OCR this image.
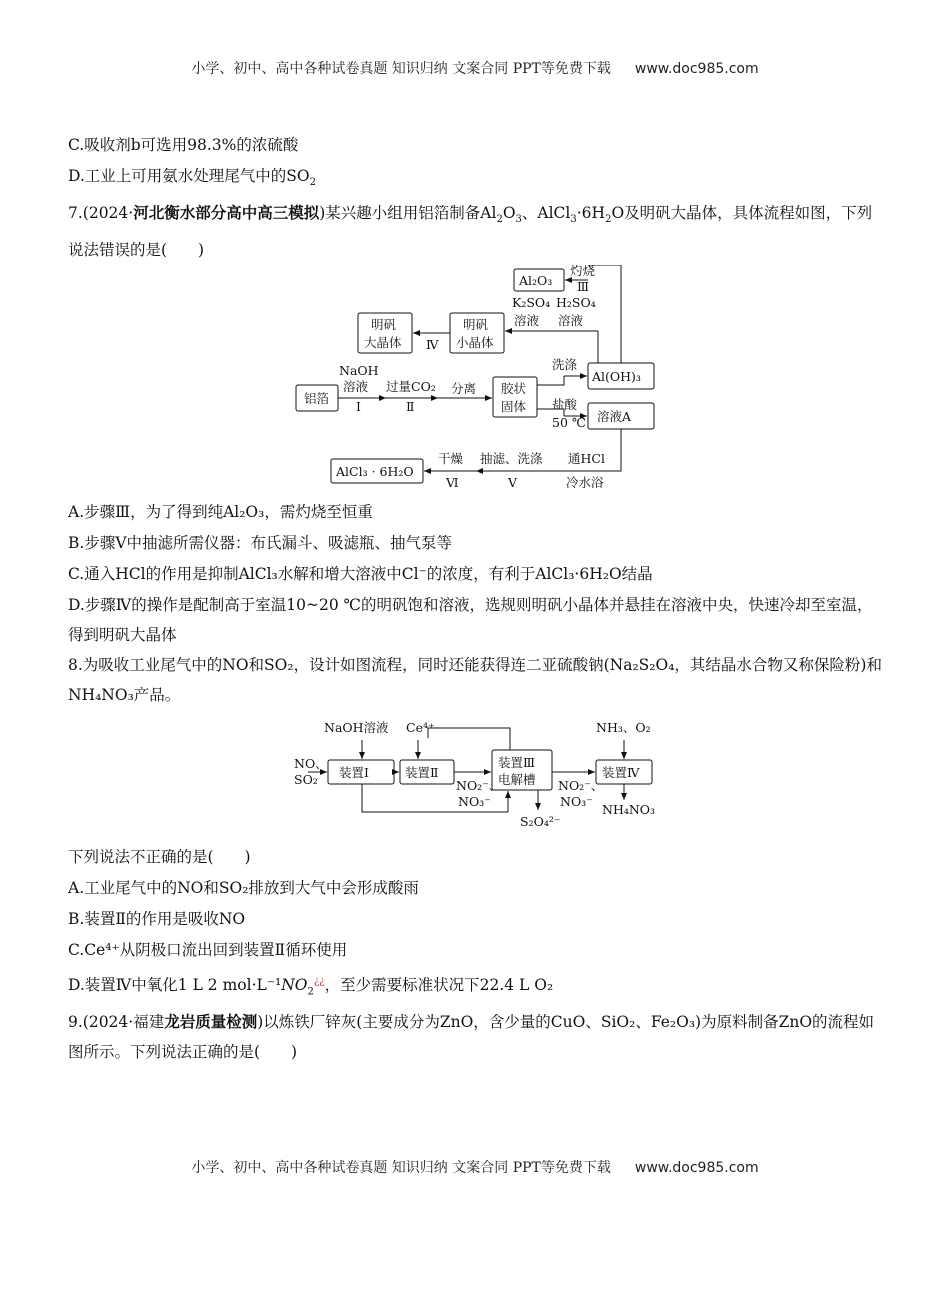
小学、初中、高中各种试卷真题 知识归纳 文案合同 PPT等免费下载 www.doc985.com
C.吸收剂b可选用98.3%的浓硫酸
D.工业上可用氨水处理尾气中的$SO_2$
7.(2024·河北衡水部分高中高三模拟)某兴趣小组用铝箔制备$Al_2O_3$、$AlCl_3\cdot 6H_2O$及明矾大晶体，具体流程如图，下列说法错误的是(　　)
Al₂O₃
灼烧
Ⅲ
K₂SO₄ H₂SO₄
溶液 溶液
明矾
大晶体 Ⅳ
明矾
小晶体
NaOH
溶液
Ⅰ
铝箔
过量CO₂
Ⅱ
分离 胶状
固体
洗涤
Al(OH)₃
盐酸
50 ℃ 溶液A
AlCl₃ · 6H₂O
干燥
Ⅵ
抽滤、洗涤
Ⅴ
通HCl
冷水浴
A.步骤Ⅲ，为了得到纯Al₂O₃，需灼烧至恒重
B.步骤Ⅴ中抽滤所需仪器：布氏漏斗、吸滤瓶、抽气泵等
C.通入HCl的作用是抑制AlCl₃水解和增大溶液中Cl⁻的浓度，有利于AlCl₃·6H₂O结晶
D.步骤Ⅳ的操作是配制高于室温10~20 ℃的明矾饱和溶液，选规则明矾小晶体并悬挂在溶液中央，快速冷却至室温，得到明矾大晶体
8.为吸收工业尾气中的NO和SO₂，设计如图流程，同时还能获得连二亚硫酸钠(Na₂S₂O₄，其结晶水合物又称保险粉)和NH₄NO₃产品。
NaOH溶液 Ce⁴⁺
NO、
SO₂ 装置Ⅰ	装置Ⅱ
装置Ⅲ
电解槽
NO₂⁻、
NO₃⁻
NO₂⁻、
NO₃⁻
S₂O₄²⁻
NH₃、O₂
装置Ⅳ
NH₄NO₃
下列说法不正确的是(　　)
A.工业尾气中的NO和SO₂排放到大气中会形成酸雨
B.装置Ⅱ的作用是吸收NO
C.Ce⁴⁺从阴极口流出回到装置Ⅱ循环使用
D.装置Ⅳ中氧化1 L 2 $mol\cdot L^{-1}NO_2^{¿¿}$，至少需要标准状况下22.4 L O₂
9.(2024·福建龙岩质量检测)以炼铁厂锌灰(主要成分为ZnO，含少量的CuO、SiO₂、Fe₂O₃)为原料制备ZnO的流程如图所示。下列说法正确的是(　　)
小学、初中、高中各种试卷真题 知识归纳 文案合同 PPT等免费下载 www.doc985.com
